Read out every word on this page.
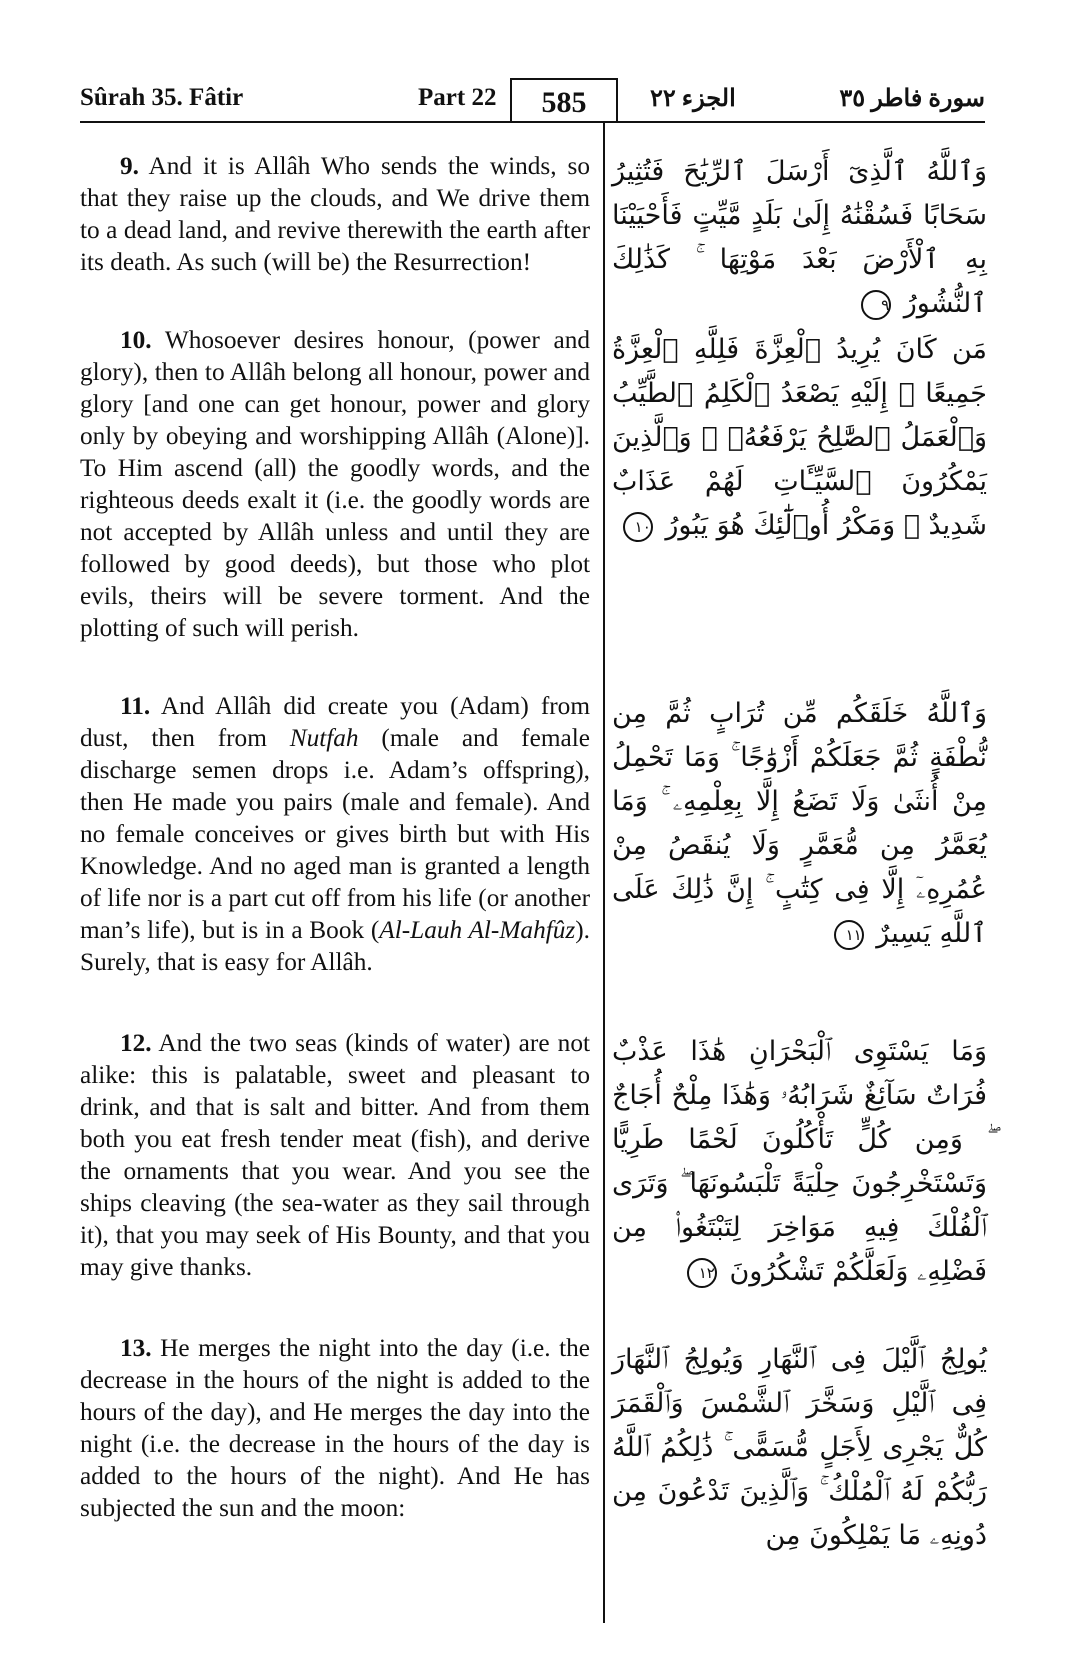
Sûrah 35. Fâtir	Part 22	585	الجزء ٢٢	سورة فاطر ٣٥
9. And it is Allâh Who sends the winds, so that they raise up the clouds, and We drive them to a dead land, and revive therewith the earth after its death. As such (will be) the Resurrection!
وَٱللَّهُ ٱلَّذِىٓ أَرْسَلَ ٱلرِّيَٰحَ فَتُثِيرُ سَحَابًا فَسُقْنَٰهُ إِلَىٰ بَلَدٍ مَّيِّتٍ فَأَحْيَيْنَا بِهِ ٱلْأَرْضَ بَعْدَ مَوْتِهَا ۚ كَذَٰلِكَ ٱلنُّشُورُ ٩
10. Whosoever desires honour, (power and glory), then to Allâh belong all honour, power and glory [and one can get honour, power and glory only by obeying and worshipping Allâh (Alone)]. To Him ascend (all) the goodly words, and the righteous deeds exalt it (i.e. the goodly words are not accepted by Allâh unless and until they are followed by good deeds), but those who plot evils, theirs will be severe torment. And the plotting of such will perish.
مَن كَانَ يُرِيدُ ٱلْعِزَّةَ فَلِلَّهِ ٱلْعِزَّةُ جَمِيعًا ۚ إِلَيْهِ يَصْعَدُ ٱلْكَلِمُ ٱلطَّيِّبُ وَٱلْعَمَلُ ٱلصَّٰلِحُ يَرْفَعُهُۥ ۚ وَٱلَّذِينَ يَمْكُرُونَ ٱلسَّيِّـَٔاتِ لَهُمْ عَذَابٌ شَدِيدٌ ۖ وَمَكْرُ أُو۟لَٰٓئِكَ هُوَ يَبُورُ ١٠
11. And Allâh did create you (Adam) from dust, then from Nutfah (male and female discharge semen drops i.e. Adam’s offspring), then He made you pairs (male and female). And no female conceives or gives birth but with His Knowledge. And no aged man is granted a length of life nor is a part cut off from his life (or another man’s life), but is in a Book (Al-Lauh Al-Mahfûz). Surely, that is easy for Allâh.
وَٱللَّهُ خَلَقَكُم مِّن تُرَابٍ ثُمَّ مِن نُّطْفَةٍ ثُمَّ جَعَلَكُمْ أَزْوَٰجًا ۚ وَمَا تَحْمِلُ مِنْ أُنثَىٰ وَلَا تَضَعُ إِلَّا بِعِلْمِهِۦ ۚ وَمَا يُعَمَّرُ مِن مُّعَمَّرٍ وَلَا يُنقَصُ مِنْ عُمُرِهِۦٓ إِلَّا فِى كِتَٰبٍ ۚ إِنَّ ذَٰلِكَ عَلَى ٱللَّهِ يَسِيرٌ ١١
12. And the two seas (kinds of water) are not alike: this is palatable, sweet and pleasant to drink, and that is salt and bitter. And from them both you eat fresh tender meat (fish), and derive the ornaments that you wear. And you see the ships cleaving (the sea-water as they sail through it), that you may seek of His Bounty, and that you may give thanks.
وَمَا يَسْتَوِى ٱلْبَحْرَانِ هَٰذَا عَذْبٌ فُرَاتٌ سَآئِغٌ شَرَابُهُۥ وَهَٰذَا مِلْحٌ أُجَاجٌ ۖ وَمِن كُلٍّ تَأْكُلُونَ لَحْمًا طَرِيًّا وَتَسْتَخْرِجُونَ حِلْيَةً تَلْبَسُونَهَا ۖ وَتَرَى ٱلْفُلْكَ فِيهِ مَوَاخِرَ لِتَبْتَغُوا۟ مِن فَضْلِهِۦ وَلَعَلَّكُمْ تَشْكُرُونَ ١٢
13. He merges the night into the day (i.e. the decrease in the hours of the night is added to the hours of the day), and He merges the day into the night (i.e. the decrease in the hours of the day is added to the hours of the night). And He has subjected the sun and the moon:
يُولِجُ ٱلَّيْلَ فِى ٱلنَّهَارِ وَيُولِجُ ٱلنَّهَارَ فِى ٱلَّيْلِ وَسَخَّرَ ٱلشَّمْسَ وَٱلْقَمَرَ كُلٌّ يَجْرِى لِأَجَلٍ مُّسَمًّى ۚ ذَٰلِكُمُ ٱللَّهُ رَبُّكُمْ لَهُ ٱلْمُلْكُ ۚ وَٱلَّذِينَ تَدْعُونَ مِن دُونِهِۦ مَا يَمْلِكُونَ مِن
